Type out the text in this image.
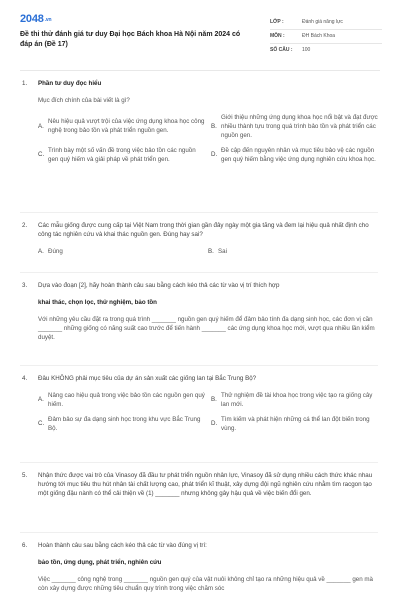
2048.vn
Đề thi thử đánh giá tư duy Đại học Bách khoa Hà Nội năm 2024 có đáp án (Đề 17)
LỚP :	Đánh giá năng lực
MÔN :	ĐH Bách Khoa
SỐ CÂU :	100
1. Phần tư duy đọc hiểu

Mục đích chính của bài viết là gì?

A.
Nêu hiệu quả vượt trội của việc ứng dụng khoa học công nghệ trong bảo tồn và phát triển nguồn gen.
B.
Giới thiệu những ứng dụng khoa học nổi bật và đạt được nhiều thành tựu trong quá trình bảo tồn và phát triển các nguồn gen.
C.
Trình bày một số vấn đề trong việc bảo tồn các nguồn gen quý hiếm và giải pháp về phát triển gen.
D.
Đề cập đến nguyên nhân và mục tiêu bảo vệ các nguồn gen quý hiếm bằng việc ứng dụng nghiên cứu khoa học.
2. Các mẫu giống được cung cấp tại Việt Nam trong thời gian gần đây ngày một gia tăng và đem lại hiệu quả nhất định cho công tác nghiên cứu và khai thác nguồn gen. Đúng hay sai?

A. Đúng	B. Sai
3. Dựa vào đoạn [2], hãy hoàn thành câu sau bằng cách kéo thả các từ vào vị trí thích hợp

khai thác, chọn lọc, thử nghiệm, bảo tồn

Với những yêu cầu đặt ra trong quá trình _______ nguồn gen quý hiếm để đảm bảo tính đa dạng sinh học, các đơn vị cần _______ những giống có năng suất cao trước để tiến hành _______ các ứng dụng khoa học mới, vượt qua nhiều lần kiểm duyệt.

4. Đâu KHÔNG phải mục tiêu của dự án sản xuất các giống lan tại Bắc Trung Bộ?

A.
Nâng cao hiệu quả trong việc bảo tồn các nguồn gen quý hiếm.
B.
Thử nghiệm đề tài khoa học trong việc tạo ra giống cây lan mới.
C.
Đảm bảo sự đa dạng sinh học trong khu vực Bắc Trung Bộ.
D.
Tìm kiếm và phát hiện những cá thể lan đột biến trong vùng.
5. Nhận thức được vai trò của Vinasoy đã đầu tư phát triển nguồn nhân lực, Vinasoy đã sử dụng nhiều cách thức khác nhau hướng tới mục tiêu thu hút nhân tài chất lượng cao, phát triển kĩ thuật, xây dựng đội ngũ nghiên cứu nhằm tìm racgon tạo một giống đậu nành có thể cải thiện về (1) _______ nhưng không gây hậu quả về việc biến đổi gen.

6. Hoàn thành câu sau bằng cách kéo thả các từ vào đúng vị trí:

bảo tồn, ứng dụng, phát triển, nghiên cứu

Việc _______ công nghệ trong _______ nguồn gen quý của vật nuôi không chỉ tạo ra những hiệu quả về _______ gen mà còn xây dựng được những tiêu chuẩn quy trình trong việc chăm sóc
